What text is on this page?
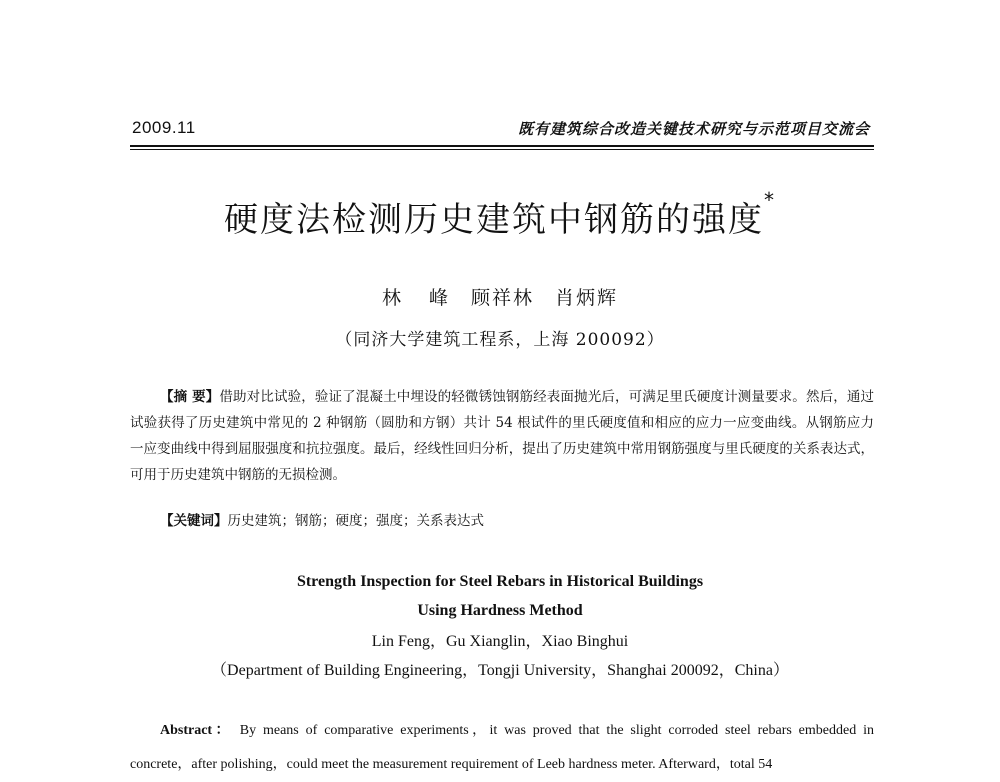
2009.11	既有建筑综合改造关键技术研究与示范项目交流会
硬度法检测历史建筑中钢筋的强度*
林 峰　顾祥林　肖炳辉
（同济大学建筑工程系，上海 200092）
【摘 要】借助对比试验，验证了混凝土中埋设的轻微锈蚀钢筋经表面抛光后，可满足里氏硬度计测量要求。然后，通过试验获得了历史建筑中常见的 2 种钢筋（圆肋和方钢）共计 54 根试件的里氏硬度值和相应的应力一应变曲线。从钢筋应力一应变曲线中得到屈服强度和抗拉强度。最后，经线性回归分析，提出了历史建筑中常用钢筋强度与里氏硬度的关系表达式，可用于历史建筑中钢筋的无损检测。
【关键词】历史建筑；钢筋；硬度；强度；关系表达式
Strength Inspection for Steel Rebars in Historical Buildings
Using Hardness Method
Lin Feng，Gu Xianglin，Xiao Binghui
（Department of Building Engineering，Tongji University，Shanghai 200092，China）
Abstract： By means of comparative experiments，it was proved that the slight corroded steel rebars embedded in concrete，after polishing，could meet the measurement requirement of Leeb hardness meter. Afterward，total 54
